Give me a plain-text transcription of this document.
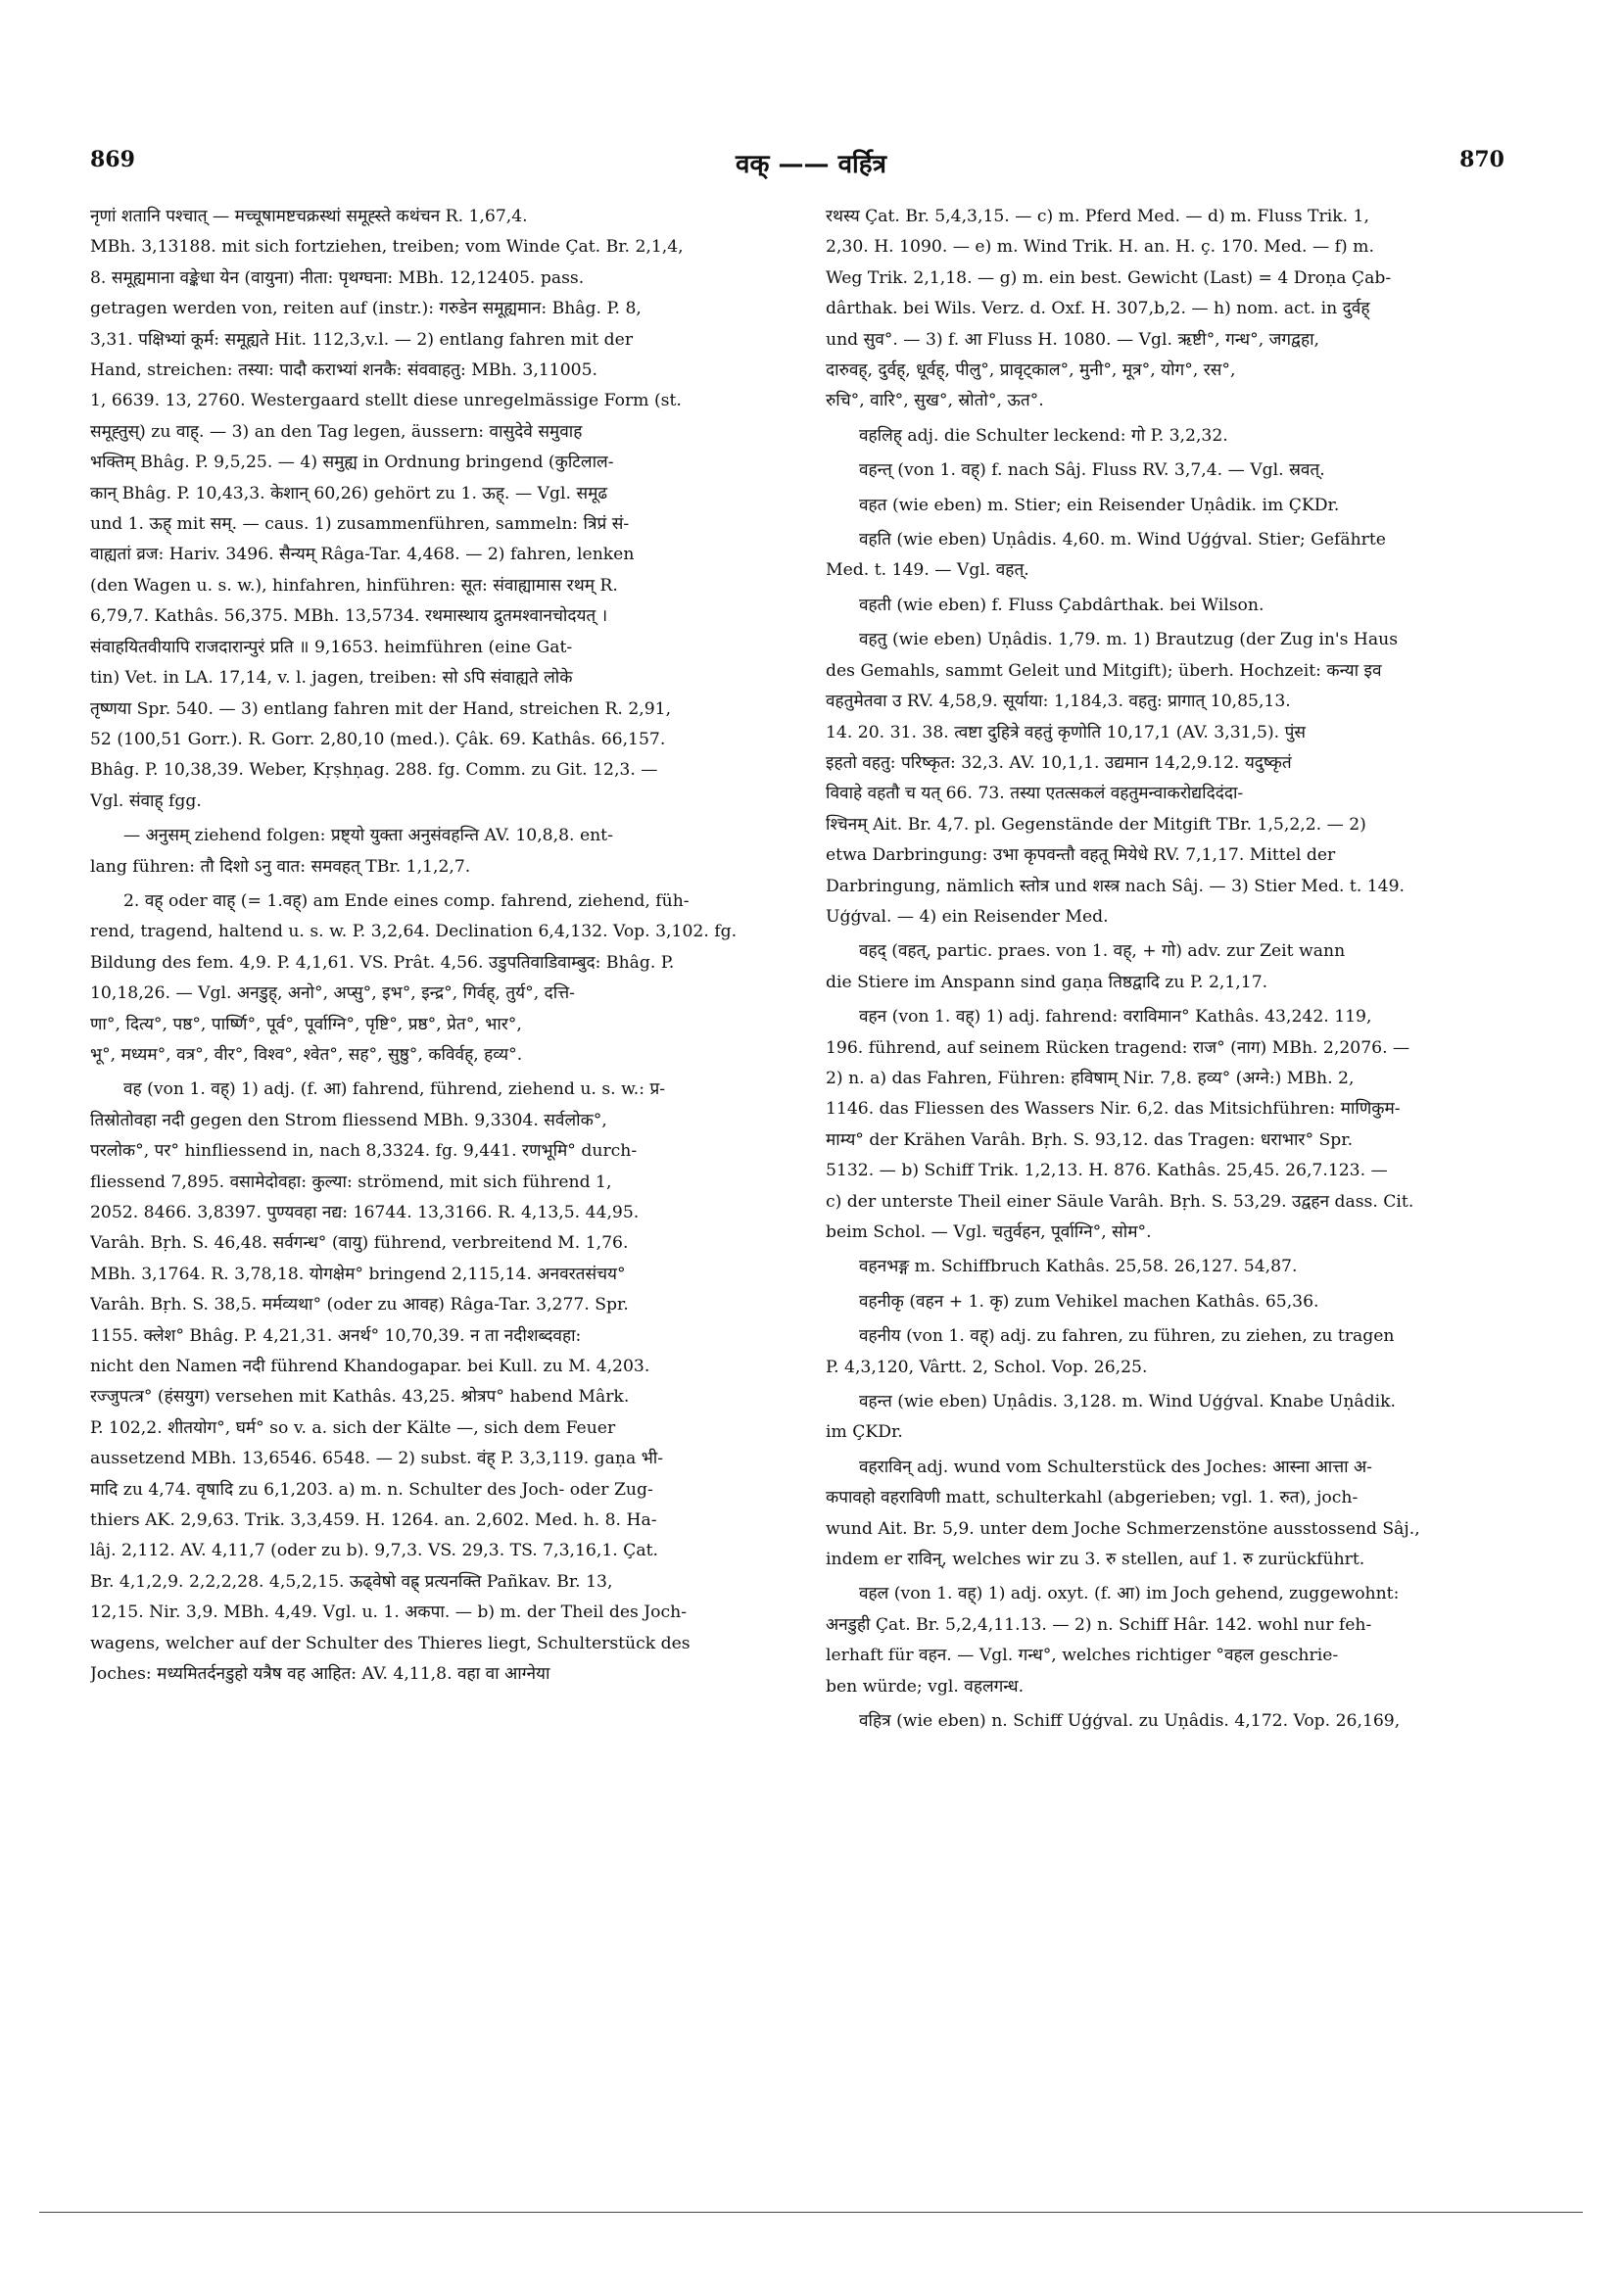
869	वक् —— वर्हित्र	870

नृणां शतानि पश्चात्‌ — मच्चूषामष्टचक्रस्थां समूह्स्ते कथंचन R. 1,67,4.
MBh. 3,13188. mit sich fortziehen, treiben; vom Winde Çat. Br. 2,1,4,
8. समूह्यमाना वङ्केधा येन (वायुना) नीता: पृथग्घना: MBh. 12,12405. pass.
getragen werden von, reiten auf (instr.): गरुडेन समूह्यमान: Bhâg. P. 8,
3,31. पक्षिभ्यां कूर्म: समूह्यते Hit. 112,3,v.l. — 2) entlang fahren mit der
Hand, streichen: तस्या: पादौ कराभ्यां शनकै: संववाहतु: MBh. 3,11005.
1, 6639. 13, 2760. Westergaard stellt diese unregelmässige Form (st.
समूह्तुस्) zu वाह्. — 3) an den Tag legen, äussern: वासुदेवे समुवाह
भक्तिम् Bhâg. P. 9,5,25. — 4) समुह्य in Ordnung bringend (कुटिलाल-
कान् Bhâg. P. 10,43,3. केशान् 60,26) gehört zu 1. ऊह्. — Vgl. समूढ
und 1. ऊह् mit सम्. — caus. 1) zusammenführen, sammeln: त्रिप्रं सं-
वाह्यतां व्रज: Hariv. 3496. सैन्यम् Râga-Tar. 4,468. — 2) fahren, lenken
(den Wagen u. s. w.), hinfahren, hinführen: सूत: संवाह्यामास रथम् R.
6,79,7. Kathâs. 56,375. MBh. 13,5734. रथमास्थाय द्रुतमश्वानचोदयत्‌ ।
संवाहयितवीयापि राजदारान्पुरं प्रति ॥ 9,1653. heimführen (eine Gat-
tin) Vet. in LA. 17,14, v. l. jagen, treiben: सो ऽपि संवाह्यते लोके
तृष्णया Spr. 540. — 3) entlang fahren mit der Hand, streichen R. 2,91,
52 (100,51 Gorr.). R. Gorr. 2,80,10 (med.). Çâk. 69. Kathâs. 66,157.
Bhâg. P. 10,38,39. Weber, Kṛṣhṇag. 288. fg. Comm. zu Git. 12,3. —
Vgl. संवाह् fgg.

— अनुसम् ziehend folgen: प्रष्ट्यो युक्ता अनुसंवहन्ति AV. 10,8,8. ent-
lang führen: तौ दिशो ऽनु वात: समवहत्‌ TBr. 1,1,2,7.

2. वह् oder वाह् (= 1.वह्) am Ende eines comp. fahrend, ziehend, füh-
rend, tragend, haltend u. s. w. P. 3,2,64. Declination 6,4,132. Vop. 3,102. fg.
Bildung des fem. 4,9. P. 4,1,61. VS. Prât. 4,56. उडुपतिवाडिवाम्बुद: Bhâg. P.
10,18,26. — Vgl. अनडुह्, अनो°, अप्सु°, इभ°, इन्द्र°, गिर्वह्, तुर्य°, दत्ति-
णा°, दित्य°, पष्ठ°, पार्ष्णि°, पूर्व°, पूर्वाग्नि°, पृष्टि°, प्रष्ठ°, प्रेत°, भार°,
भू°, मध्यम°, वत्र°, वीर°, विश्व°, श्वेत°, सह°, सुष्ठु°, कविर्वह्, हव्य°.

वह (von 1. वह्) 1) adj. (f. आ) fahrend, führend, ziehend u. s. w.: प्र-
तिस्रोतोवहा नदी gegen den Strom fliessend MBh. 9,3304. सर्वलोक°,
परलोक°, पर° hinfliessend in, nach 8,3324. fg. 9,441. रणभूमि° durch-
fliessend 7,895. वसामेदोवहा: कुल्या: strömend, mit sich führend 1,
2052. 8466. 3,8397. पुण्यवहा नद्य: 16744. 13,3166. R. 4,13,5. 44,95.
Varâh. Bṛh. S. 46,48. सर्वगन्ध° (वायु) führend, verbreitend M. 1,76.
MBh. 3,1764. R. 3,78,18. योगक्षेम° bringend 2,115,14. अनवरतसंचय°
Varâh. Bṛh. S. 38,5. मर्मव्यथा° (oder zu आवह) Râga-Tar. 3,277. Spr.
1155. क्लेश° Bhâg. P. 4,21,31. अनर्थ° 10,70,39. न ता नदीशब्दवहा:
nicht den Namen नदी führend Khandogapar. bei Kull. zu M. 4,203.
रज्जुपत्त्र° (हंसयुग) versehen mit Kathâs. 43,25. श्रोत्रप° habend Mârk.
P. 102,2. शीतयोग°, घर्म° so v. a. sich der Kälte —, sich dem Feuer
aussetzend MBh. 13,6546. 6548. — 2) subst. वंह् P. 3,3,119. gaṇa भी-
मादि zu 4,74. वृषादि zu 6,1,203. a) m. n. Schulter des Joch- oder Zug-
thiers AK. 2,9,63. Trik. 3,3,459. H. 1264. an. 2,602. Med. h. 8. Ha-
lâj. 2,112. AV. 4,11,7 (oder zu b). 9,7,3. VS. 29,3. TS. 7,3,16,1. Çat.
Br. 4,1,2,9. 2,2,2,28. 4,5,2,15. ऊढ्वेषो वह्र् प्रत्यनक्ति Pañkav. Br. 13,
12,15. Nir. 3,9. MBh. 4,49. Vgl. u. 1. अकपा. — b) m. der Theil des Joch-
wagens, welcher auf der Schulter des Thieres liegt, Schulterstück des
Joches: मध्यमितर्दनडुहो यत्रैष वह आहित: AV. 4,11,8. वहा वा आग्नेया

रथस्य Çat. Br. 5,4,3,15. — c) m. Pferd Med. — d) m. Fluss Trik. 1,
2,30. H. 1090. — e) m. Wind Trik. H. an. H. ç. 170. Med. — f) m.
Weg Trik. 2,1,18. — g) m. ein best. Gewicht (Last) = 4 Droṇa Çab-
dârthak. bei Wils. Verz. d. Oxf. H. 307,b,2. — h) nom. act. in दुर्वह्
und सुव°. — 3) f. आ Fluss H. 1080. — Vgl. ऋष्टी°, गन्ध°, जगद्वहा,
दारुवह्, दुर्वह्, धूर्वह्, पीलु°, प्रावृट्काल°, मुनी°, मूत्र°, योग°, रस°,
रुचि°, वारि°, सुख°, स्रोतो°, ऊत°.

वहलिह् adj. die Schulter leckend: गो P. 3,2,32.

वहन्त् (von 1. वह्) f. nach Sâj. Fluss RV. 3,7,4. — Vgl. स्रवत्.

वहत (wie eben) m. Stier; ein Reisender Uṇâdik. im ÇKDr.

वहति (wie eben) Uṇâdis. 4,60. m. Wind Uģģval. Stier; Gefährte
Med. t. 149. — Vgl. वहत्.

वहती (wie eben) f. Fluss Çabdârthak. bei Wilson.

वहतु (wie eben) Uṇâdis. 1,79. m. 1) Brautzug (der Zug in's Haus
des Gemahls, sammt Geleit und Mitgift); überh. Hochzeit: कन्या इव
वहतुमेतवा उ RV. 4,58,9. सूर्याया: 1,184,3. वहतु: प्रागात् 10,85,13.
14. 20. 31. 38. त्वष्टा दुहित्रे वहतुं कृणोति 10,17,1 (AV. 3,31,5). पुंस
इहतो वहतु: परिष्कृत: 32,3. AV. 10,1,1. उद्यमान 14,2,9.12. यदुष्कृतं
विवाहे वहतौ च यत्‌ 66. 73. तस्या एतत्सकलं वहतुमन्वाकरोद्यदिदंदा-
श्चिनम् Ait. Br. 4,7. pl. Gegenstände der Mitgift TBr. 1,5,2,2. — 2)
etwa Darbringung: उभा कृपवन्तौ वहतू मियेधे RV. 7,1,17. Mittel der
Darbringung, nämlich स्तोत्र und शस्त्र nach Sâj. — 3) Stier Med. t. 149.
Uģģval. — 4) ein Reisender Med.

वहद् (वहत्, partic. praes. von 1. वह्, + गो) adv. zur Zeit wann
die Stiere im Anspann sind gaṇa तिष्ठद्वादि zu P. 2,1,17.

वहन (von 1. वह्) 1) adj. fahrend: वराविमान° Kathâs. 43,242. 119,
196. führend, auf seinem Rücken tragend: राज° (नाग) MBh. 2,2076. —
2) n. a) das Fahren, Führen: हविषाम् Nir. 7,8. हव्य° (अग्ने:) MBh. 2,
1146. das Fliessen des Wassers Nir. 6,2. das Mitsichführen: माणिकुम-
माम्य° der Krähen Varâh. Bṛh. S. 93,12. das Tragen: धराभार° Spr.
5132. — b) Schiff Trik. 1,2,13. H. 876. Kathâs. 25,45. 26,7.123. —
c) der unterste Theil einer Säule Varâh. Bṛh. S. 53,29. उद्वहन dass. Cit.
beim Schol. — Vgl. चतुर्वहन, पूर्वाग्नि°, सोम°.

वहनभङ्ग m. Schiffbruch Kathâs. 25,58. 26,127. 54,87.

वहनीकृ (वहन + 1. कृ) zum Vehikel machen Kathâs. 65,36.

वहनीय (von 1. वह्) adj. zu fahren, zu führen, zu ziehen, zu tragen
P. 4,3,120, Vârtt. 2, Schol. Vop. 26,25.

वहन्त (wie eben) Uṇâdis. 3,128. m. Wind Uģģval. Knabe Uṇâdik.
im ÇKDr.

वहराविन् adj. wund vom Schulterstück des Joches: आस्ना आत्ता अ-
कपावहो वहराविणी matt, schulterkahl (abgerieben; vgl. 1. रुत), joch-
wund Ait. Br. 5,9. unter dem Joche Schmerzenstöne ausstossend Sâj.,
indem er राविन्, welches wir zu 3. रु stellen, auf 1. रु zurückführt.

वहल (von 1. वह्) 1) adj. oxyt. (f. आ) im Joch gehend, zuggewohnt:
अनडुही Çat. Br. 5,2,4,11.13. — 2) n. Schiff Hâr. 142. wohl nur feh-
lerhaft für वहन. — Vgl. गन्ध°, welches richtiger °वहल geschrie-
ben würde; vgl. वहलगन्ध.

वहित्र (wie eben) n. Schiff Uģģval. zu Uṇâdis. 4,172. Vop. 26,169,
